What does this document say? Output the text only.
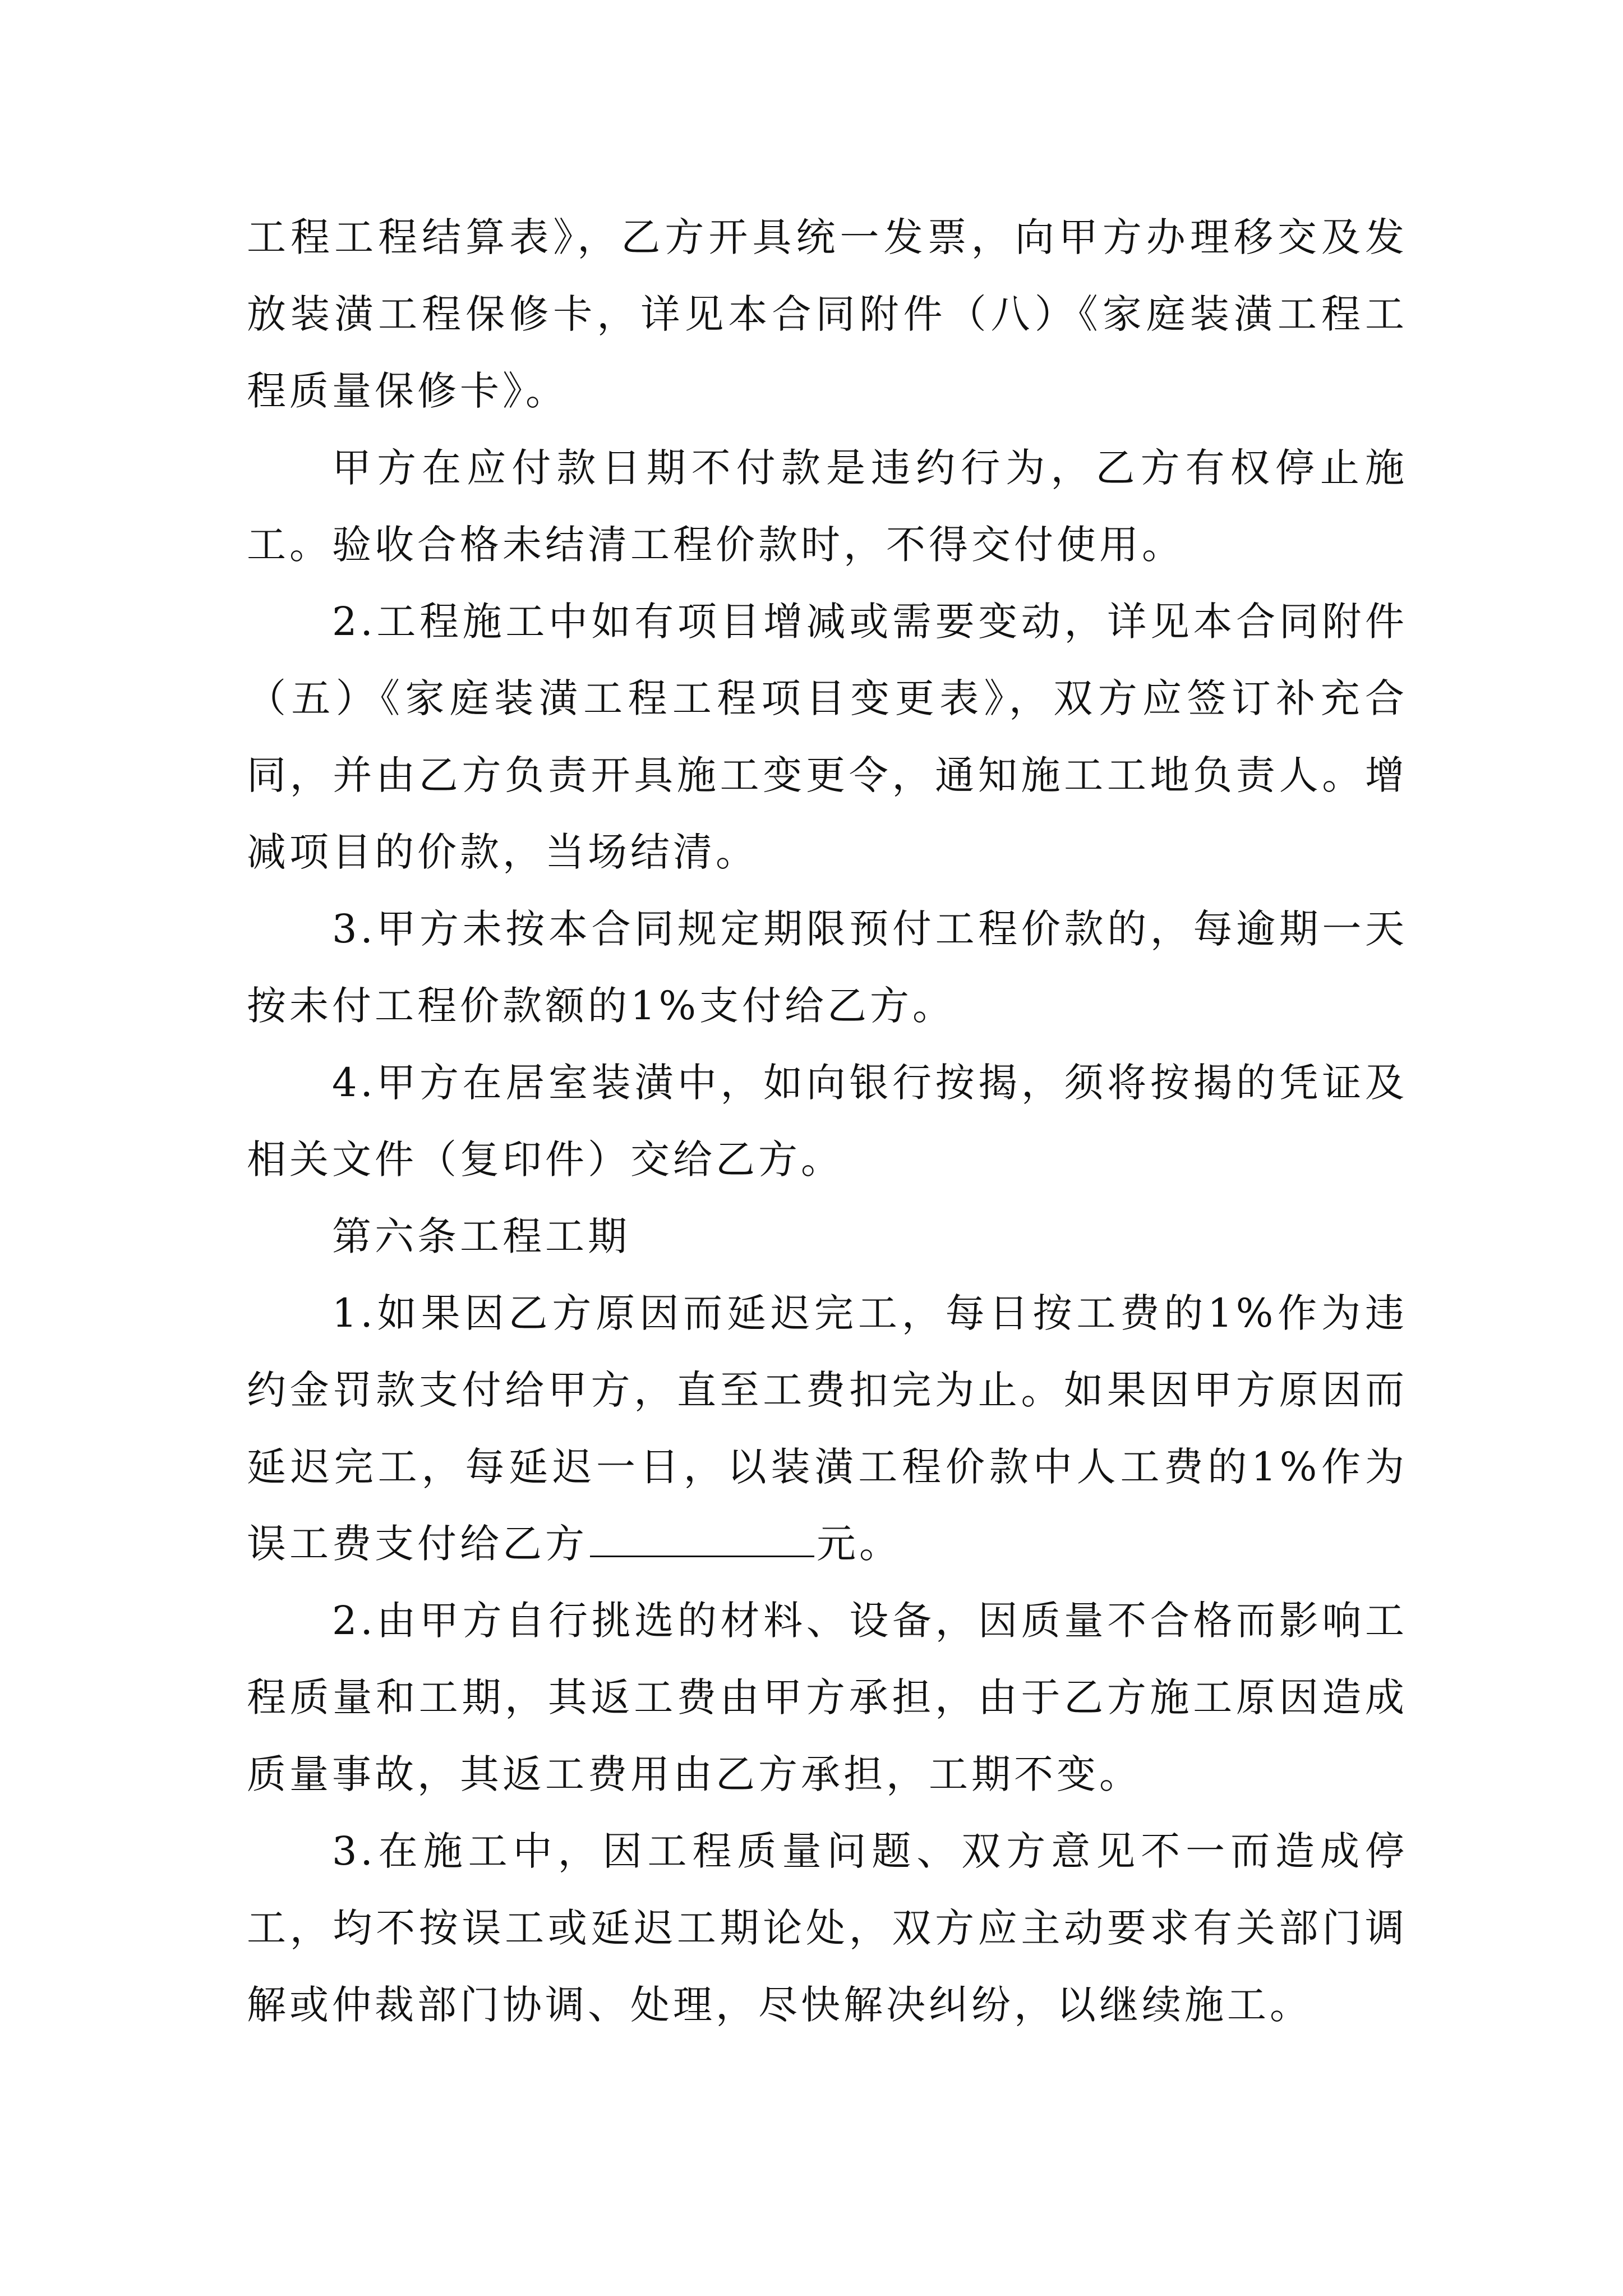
工程工程结算表》，乙方开具统一发票，向甲方办理移交及发放装潢工程保修卡，详见本合同附件（八）《家庭装潢工程工程质量保修卡》。

甲方在应付款日期不付款是违约行为，乙方有权停止施工。验收合格未结清工程价款时，不得交付使用。

2.工程施工中如有项目增减或需要变动，详见本合同附件（五）《家庭装潢工程工程项目变更表》，双方应签订补充合同，并由乙方负责开具施工变更令，通知施工工地负责人。增减项目的价款，当场结清。

3.甲方未按本合同规定期限预付工程价款的，每逾期一天按未付工程价款额的1%支付给乙方。

4.甲方在居室装潢中，如向银行按揭，须将按揭的凭证及相关文件（复印件）交给乙方。

第六条工程工期

1.如果因乙方原因而延迟完工，每日按工费的1%作为违约金罚款支付给甲方，直至工费扣完为止。如果因甲方原因而延迟完工，每延迟一日，以装潢工程价款中人工费的1%作为误工费支付给乙方	元。

2.由甲方自行挑选的材料、设备，因质量不合格而影响工程质量和工期，其返工费由甲方承担，由于乙方施工原因造成质量事故，其返工费用由乙方承担，工期不变。

3.在施工中，因工程质量问题、双方意见不一而造成停工，均不按误工或延迟工期论处，双方应主动要求有关部门调解或仲裁部门协调、处理，尽快解决纠纷，以继续施工。
